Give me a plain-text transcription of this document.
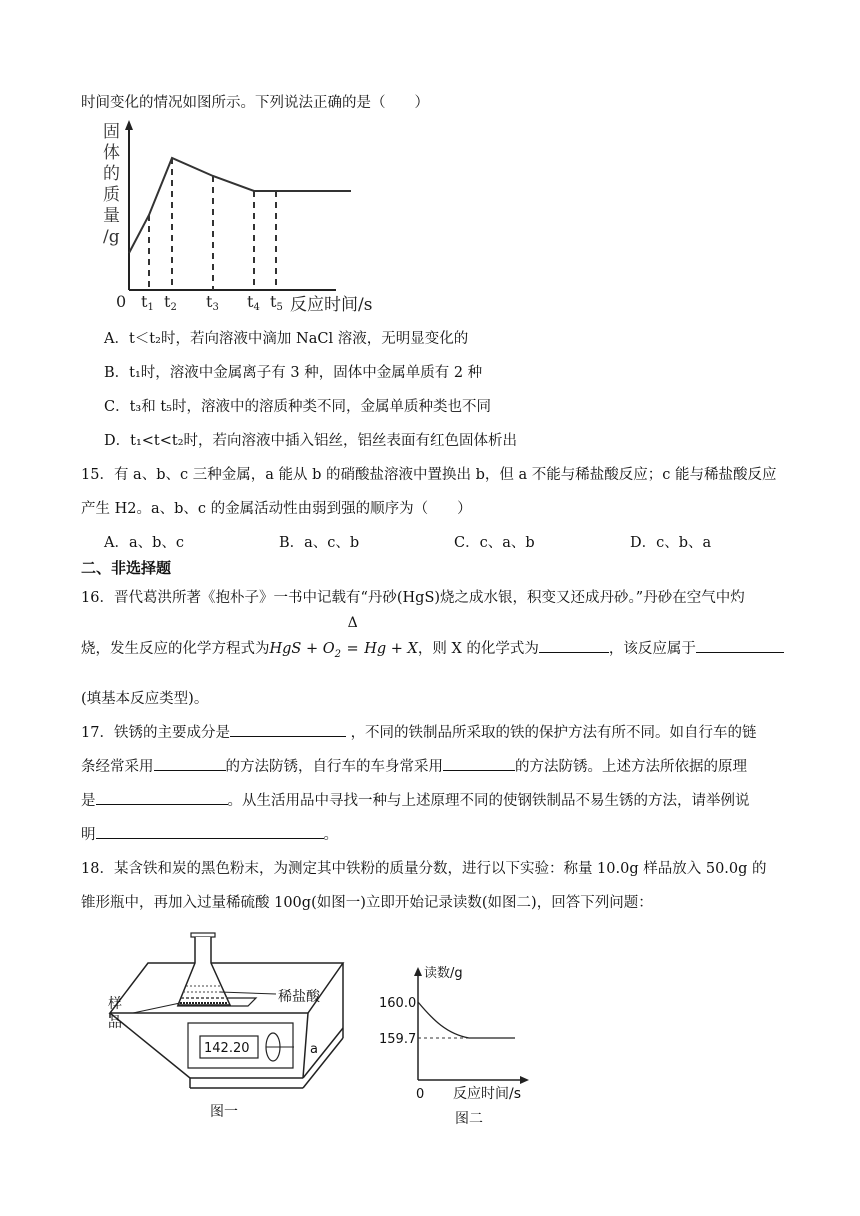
时间变化的情况如图所示。下列说法正确的是（　　）
固
体
的
质
量
/g
0 t1 t2 t3 t4 t5 反应时间/s
A．t＜t₂时，若向溶液中滴加 NaCl 溶液，无明显变化的
B．t₁时，溶液中金属离子有 3 种，固体中金属单质有 2 种
C．t₃和 t₅时，溶液中的溶质种类不同，金属单质种类也不同
D．t₁<t<t₂时，若向溶液中插入铝丝，铝丝表面有红色固体析出
15．有 a、b、c 三种金属，a 能从 b 的硝酸盐溶液中置换出 b，但 a 不能与稀盐酸反应；c 能与稀盐酸反应
产生 H2。a、b、c 的金属活动性由弱到强的顺序为（　　）
A．a、b、c	B．a、c、b	C．c、a、b	D．c、b、a
二、非选择题
16．晋代葛洪所著《抱朴子》一书中记载有“丹砂(HgS)烧之成水银，积变又还成丹砂。”丹砂在空气中灼
烧，发生反应的化学方程式为HgS + $O_2$
Δ
= Hg + X，则 X 的化学式为	，该反应属于
(填基本反应类型)。
17．铁锈的主要成分是	，不同的铁制品所采取的铁的保护方法有所不同。如自行车的链
条经常采用	的方法防锈，自行车的车身常采用	的方法防锈。上述方法所依据的原理
是	。从生活用品中寻找一种与上述原理不同的使钢铁制品不易生锈的方法，请举例说
明	。
18．某含铁和炭的黑色粉末，为测定其中铁粉的质量分数，进行以下实验：称量 10.0g 样品放入 50.0g 的
锥形瓶中，再加入过量稀硫酸 100g(如图一)立即开始记录读数(如图二)，回答下列问题：
142.20	a
稀盐酸
样
品
图一
读数/g
160.0
159.7
0 反应时间/s
图二
